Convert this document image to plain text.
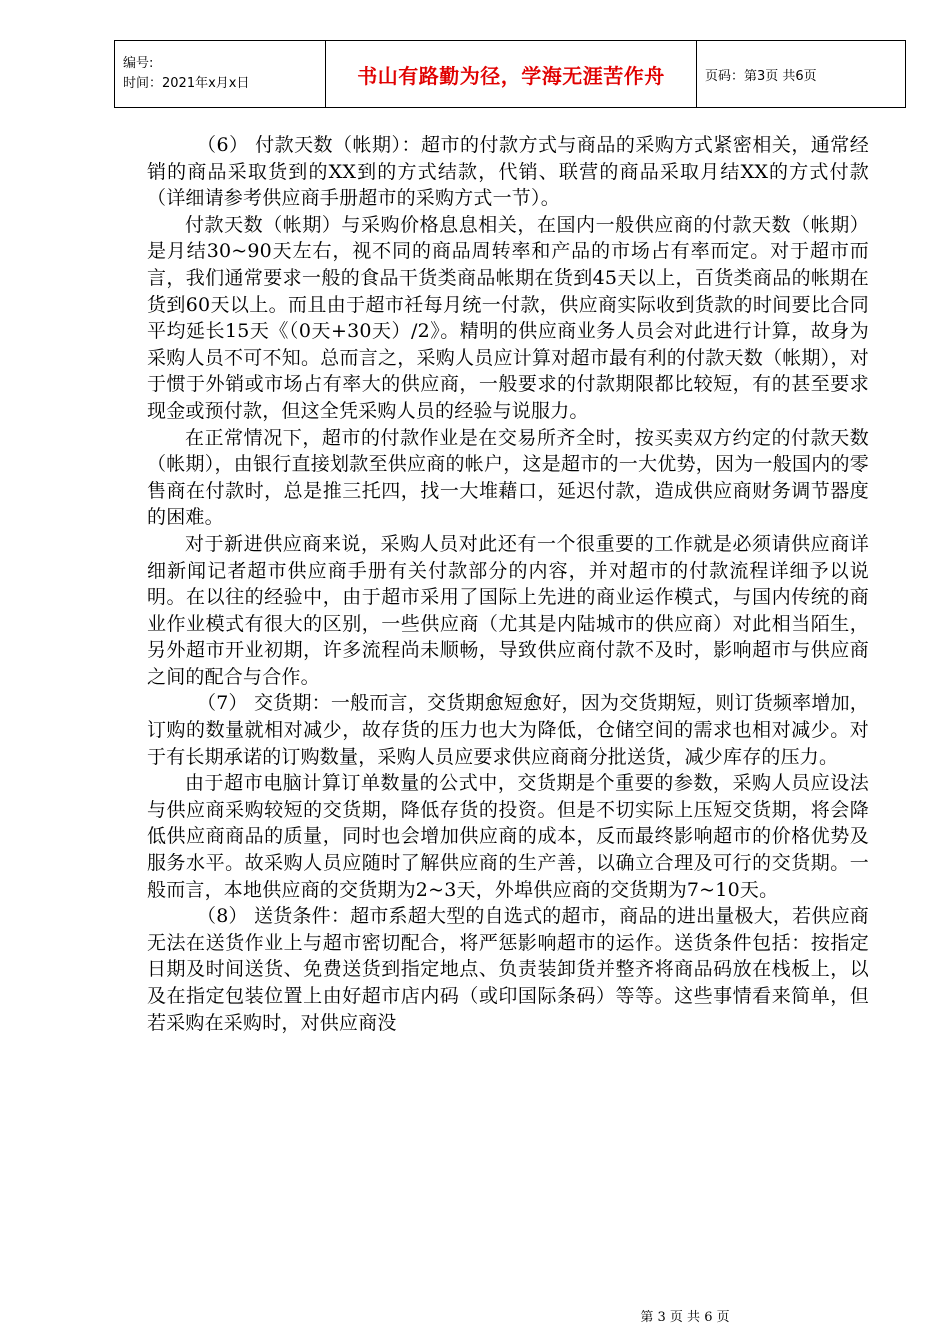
编号:
时间：2021年x月x日	书山有路勤为径，学海无涯苦作舟	页码：第3页 共6页

（6） 付款天数（帐期）：超市的付款方式与商品的采购方式紧密相关，通常经销的商品采取货到的XX到的方式结款，代销、联营的商品采取月结XX的方式付款（详细请参考供应商手册超市的采购方式一节）。

付款天数（帐期）与采购价格息息相关，在国内一般供应商的付款天数（帐期）是月结30~90天左右，视不同的商品周转率和产品的市场占有率而定。对于超市而言，我们通常要求一般的食品干货类商品帐期在货到45天以上，百货类商品的帐期在货到60天以上。而且由于超市祍每月统一付款，供应商实际收到货款的时间要比合同平均延长15天《（0天+30天）/2》。精明的供应商业务人员会对此进行计算，故身为采购人员不可不知。总而言之，采购人员应计算对超市最有利的付款天数（帐期），对于惯于外销或市场占有率大的供应商，一般要求的付款期限都比较短，有的甚至要求现金或预付款，但这全凭采购人员的经验与说服力。

在正常情况下，超市的付款作业是在交易所齐全时，按买卖双方约定的付款天数（帐期），由银行直接划款至供应商的帐户，这是超市的一大优势，因为一般国内的零售商在付款时，总是推三托四，找一大堆藉口，延迟付款，造成供应商财务调节器度的困难。

对于新进供应商来说，采购人员对此还有一个很重要的工作就是必须请供应商详细新闻记者超市供应商手册有关付款部分的内容，并对超市的付款流程详细予以说明。在以往的经验中，由于超市采用了国际上先进的商业运作模式，与国内传统的商业作业模式有很大的区别，一些供应商（尤其是内陆城市的供应商）对此相当陌生，另外超市开业初期，许多流程尚未顺畅，导致供应商付款不及时，影响超市与供应商之间的配合与合作。

（7） 交货期：一般而言，交货期愈短愈好，因为交货期短，则订货频率增加，订购的数量就相对减少，故存货的压力也大为降低，仓储空间的需求也相对减少。对于有长期承诺的订购数量，采购人员应要求供应商商分批送货，减少库存的压力。

由于超市电脑计算订单数量的公式中，交货期是个重要的参数，采购人员应设法与供应商采购较短的交货期，降低存货的投资。但是不切实际上压短交货期，将会降低供应商商品的质量，同时也会增加供应商的成本，反而最终影响超市的价格优势及服务水平。故采购人员应随时了解供应商的生产善，以确立合理及可行的交货期。一般而言，本地供应商的交货期为2~3天，外埠供应商的交货期为7~10天。

（8） 送货条件：超市系超大型的自选式的超市，商品的进出量极大，若供应商无法在送货作业上与超市密切配合，将严惩影响超市的运作。送货条件包括：按指定日期及时间送货、免费送货到指定地点、负责装卸货并整齐将商品码放在栈板上，以及在指定包装位置上由好超市店内码（或印国际条码）等等。这些事情看来简单，但若采购在采购时，对供应商没

第 3 页 共 6 页
